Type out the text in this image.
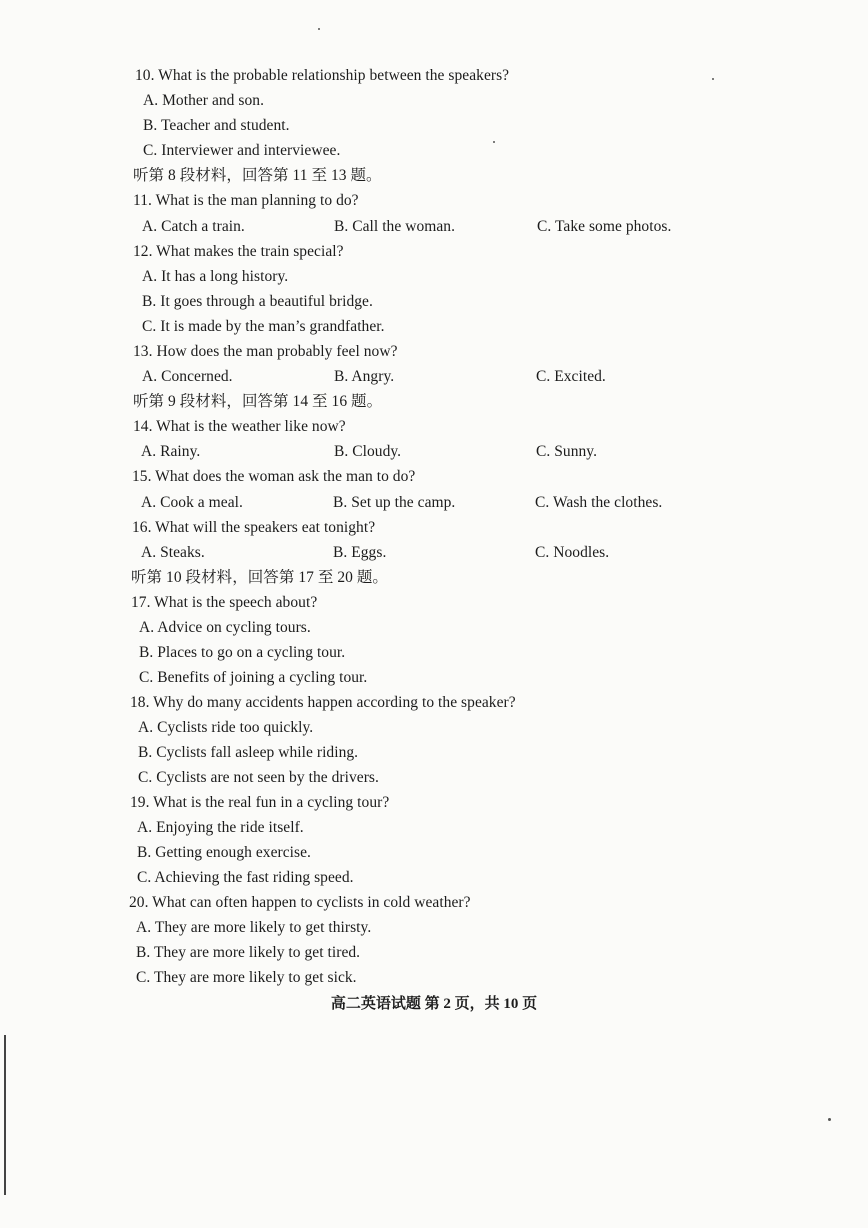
10. What is the probable relationship between the speakers?
A. Mother and son.
B. Teacher and student.
C. Interviewer and interviewee.
听第 8 段材料，回答第 11 至 13 题。
11. What is the man planning to do?
A. Catch a train.	B. Call the woman.	C. Take some photos.
12. What makes the train special?
A. It has a long history.
B. It goes through a beautiful bridge.
C. It is made by the man’s grandfather.
13. How does the man probably feel now?
A. Concerned.	B. Angry.	C. Excited.
听第 9 段材料，回答第 14 至 16 题。
14. What is the weather like now?
A. Rainy.	B. Cloudy.	C. Sunny.
15. What does the woman ask the man to do?
A. Cook a meal.	B. Set up the camp.	C. Wash the clothes.
16. What will the speakers eat tonight?
A. Steaks.	B. Eggs.	C. Noodles.
听第 10 段材料，回答第 17 至 20 题。
17. What is the speech about?
A. Advice on cycling tours.
B. Places to go on a cycling tour.
C. Benefits of joining a cycling tour.
18. Why do many accidents happen according to the speaker?
A. Cyclists ride too quickly.
B. Cyclists fall asleep while riding.
C. Cyclists are not seen by the drivers.
19. What is the real fun in a cycling tour?
A. Enjoying the ride itself.
B. Getting enough exercise.
C. Achieving the fast riding speed.
20. What can often happen to cyclists in cold weather?
A. They are more likely to get thirsty.
B. They are more likely to get tired.
C. They are more likely to get sick.
高二英语试题 第 2 页，共 10 页
